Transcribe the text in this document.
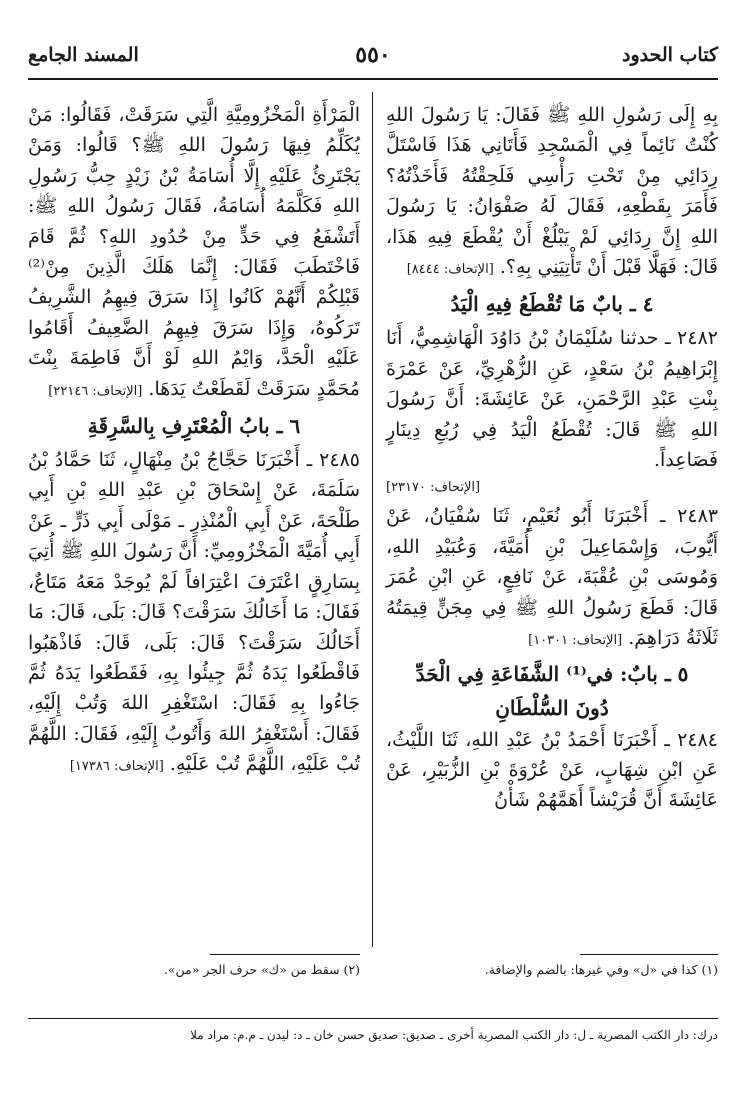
كتاب الحدود
٥٥٠
المسند الجامع

بِهِ إِلَى رَسُولِ اللهِ ﷺ فَقَالَ: يَا رَسُولَ اللهِ كُنْتُ نَائِماً فِي الْمَسْجِدِ فَأَتَانِي هَذَا فَاسْتَلَّ رِدَائِي مِنْ تَحْتِ رَأْسِي فَلَحِقْتُهُ فَأَخَذْتُهُ؟ فَأَمَرَ بِقَطْعِهِ، فَقَالَ لَهُ صَفْوَانُ: يَا رَسُولَ اللهِ إِنَّ رِدَائِي لَمْ يَبْلُغْ أَنْ يُقْطَعَ فِيهِ هَذَا، قَالَ: فَهَلَّا قَبْلَ أَنْ تَأْتِيَنِي بِهِ؟. [الإتحاف: ٨٤٤٤]

٤ ـ بابٌ مَا تُقْطَعُ فِيهِ الْيَدُ

٢٤٨٢ ـ حدثنا سُلَيْمَانُ بْنُ دَاوُدَ الْهَاشِمِيُّ، أَنَا إِبْرَاهِيمُ بْنُ سَعْدٍ، عَنِ الزُّهْرِيِّ، عَنْ عَمْرَةَ بِنْتِ عَبْدِ الرَّحْمَنِ، عَنْ عَائِشَةَ: أَنَّ رَسُولَ اللهِ ﷺ قَالَ: تُقْطَعُ الْيَدُ فِي رُبُعِ دِينَارٍ فَصَاعِداً.

[الإتحاف: ٢٣١٧٠]

٢٤٨٣ ـ أَخْبَرَنَا أَبُو نُعَيْمٍ، ثَنَا سُفْيَانُ، عَنْ أَيُّوبَ، وَإِسْمَاعِيلَ بْنِ أُمَيَّةَ، وَعُبَيْدِ اللهِ، وَمُوسَى بْنِ عُقْبَةَ، عَنْ نَافِعٍ، عَنِ ابْنِ عُمَرَ قَالَ: قَطَعَ رَسُولُ اللهِ ﷺ فِي مِجَنٍّ قِيمَتُهُ ثَلَاثَةُ دَرَاهِمَ. [الإتحاف: ١٠٣٠١]

٥ ـ بابٌ: في⁽¹⁾ الشَّفَاعَةِ فِي الْحَدِّ
دُونَ السُّلْطَانِ

٢٤٨٤ ـ أَخْبَرَنَا أَحْمَدُ بْنُ عَبْدِ اللهِ، ثَنَا اللَّيْثُ، عَنِ ابْنِ شِهَابٍ، عَنْ عُرْوَةَ بْنِ الزُّبَيْرِ، عَنْ عَائِشَةَ أَنَّ قُرَيْشاً أَهَمَّهُمْ شَأْنُ

الْمَرْأَةِ الْمَخْزُومِيَّةِ الَّتِي سَرَقَتْ، فَقَالُوا: مَنْ يُكَلِّمُ فِيهَا رَسُولَ اللهِ ﷺ؟ قَالُوا: وَمَنْ يَجْتَرِئُ عَلَيْهِ إِلَّا أُسَامَةُ بْنُ زَيْدٍ حِبُّ رَسُولِ اللهِ فَكَلَّمَهُ أُسَامَةُ، فَقَالَ رَسُولُ اللهِ ﷺ: أَتَشْفَعُ فِي حَدٍّ مِنْ حُدُودِ اللهِ؟ ثُمَّ قَامَ فَاخْتَطَبَ فَقَالَ: إِنَّمَا هَلَكَ الَّذِينَ مِنْ⁽²⁾ قَبْلِكُمْ أَنَّهُمْ كَانُوا إِذَا سَرَقَ فِيهِمُ الشَّرِيفُ تَرَكُوهُ، وَإِذَا سَرَقَ فِيهِمُ الضَّعِيفُ أَقَامُوا عَلَيْهِ الْحَدَّ، وَايْمُ اللهِ لَوْ أَنَّ فَاطِمَةَ بِنْتَ مُحَمَّدٍ سَرَقَتْ لَقَطَعْتُ يَدَهَا. [الإتحاف: ٢٢١٤٦]

٦ ـ بابُ الْمُعْتَرِفِ بِالسَّرِقَةِ

٢٤٨٥ ـ أَخْبَرَنَا حَجَّاجُ بْنُ مِنْهَالٍ، ثَنَا حَمَّادُ بْنُ سَلَمَةَ، عَنْ إِسْحَاقَ بْنِ عَبْدِ اللهِ بْنِ أَبِي طَلْحَةَ، عَنْ أَبِي الْمُنْذِرِ ـ مَوْلَى أَبِي ذَرٍّ ـ عَنْ أَبِي أُمَيَّةَ الْمَخْزُومِيِّ: أَنَّ رَسُولَ اللهِ ﷺ أُتِيَ بِسَارِقٍ اعْتَرَفَ اعْتِرَافاً لَمْ يُوجَدْ مَعَهُ مَتَاعٌ، فَقَالَ: مَا أَخَالُكَ سَرَقْتَ؟ قَالَ: بَلَى، قَالَ: مَا أَخَالُكَ سَرَقْتَ؟ قَالَ: بَلَى، قَالَ: فَاذْهَبُوا فَاقْطَعُوا يَدَهُ ثُمَّ جِيئُوا بِهِ، فَقَطَعُوا يَدَهُ ثُمَّ جَاءُوا بِهِ فَقَالَ: اسْتَغْفِرِ اللهَ وَتُبْ إِلَيْهِ، فَقَالَ: أَسْتَغْفِرُ اللهَ وَأَتُوبُ إِلَيْهِ، فَقَالَ: اللَّهُمَّ تُبْ عَلَيْهِ، اللَّهُمَّ تُبْ عَلَيْهِ. [الإتحاف: ١٧٣٨٦]

(١) كذا في «ل» وفي غيرها: بالضم والإضافة.
(٢) سقط من «ك» حرف الجر «من».
درك: دار الكتب المصرية ـ ل: دار الكتب المصرية أخرى ـ صديق: صديق حسن خان ـ د: ليدن ـ م.م: مراد ملا
